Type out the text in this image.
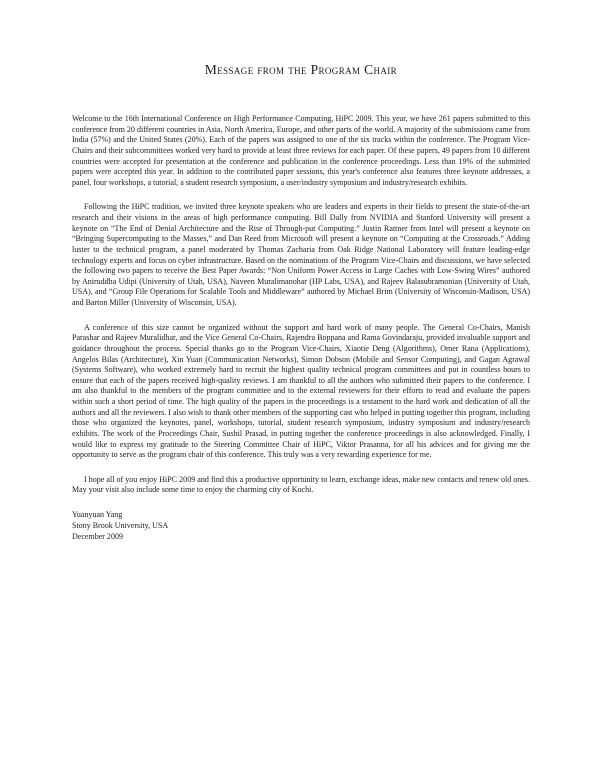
Message from the Program Chair

Welcome to the 16th International Conference on High Performance Computing, HiPC 2009. This year, we have 261 papers submitted to this conference from 20 different countries in Asia, North America, Europe, and other parts of the world. A majority of the submissions came from India (57%) and the United States (20%). Each of the papers was assigned to one of the six tracks within the conference. The Program Vice-Chairs and their subcommittees worked very hard to provide at least three reviews for each paper. Of these papers, 49 papers from 10 different countries were accepted for presentation at the conference and publication in the conference proceedings. Less than 19% of the submitted papers were accepted this year. In addition to the contributed paper sessions, this year's conference also features three keynote addresses, a panel, four workshops, a tutorial, a student research symposium, a user/industry symposium and industry/research exhibits.

Following the HiPC tradition, we invited three keynote speakers who are leaders and experts in their fields to present the state-of-the-art research and their visions in the areas of high performance computing. Bill Dally from NVIDIA and Stanford University will present a keynote on “The End of Denial Architecture and the Rise of Through-put Computing.” Justin Rattner from Intel will present a keynote on “Bringing Supercomputing to the Masses,” and Dan Reed from Microsoft will present a keynote on “Computing at the Crossroads.” Adding luster to the technical program, a panel moderated by Thomas Zacharia from Oak Ridge National Laboratory will feature leading-edge technology experts and focus on cyber infrastructure. Based on the nominations of the Program Vice-Chairs and discussions, we have selected the following two papers to receive the Best Paper Awards: “Non Uniform Power Access in Large Caches with Low-Swing Wires” authored by Aniruddha Udipi (University of Utah, USA), Naveen Muralimanohar (HP Labs, USA), and Rajeev Balasubramonian (University of Utah, USA), and “Group File Operations for Scalable Tools and Middleware” authored by Michael Brim (University of Wisconsin-Madison, USA) and Barton Miller (University of Wisconsin, USA).

A conference of this size cannot be organized without the support and hard work of many people. The General Co-Chairs, Manish Parashar and Rajeev Muralidhar, and the Vice General Co-Chairs, Rajendra Boppana and Rama Govindaraju, provided invaluable support and guidance throughout the process. Special thanks go to the Program Vice-Chairs, Xiaotie Deng (Algorithms), Omer Rana (Applications), Angelos Bilas (Architecture), Xin Yuan (Communication Networks), Simon Dobson (Mobile and Sensor Computing), and Gagan Agrawal (Systems Software), who worked extremely hard to recruit the highest quality technical program committees and put in countless hours to ensure that each of the papers received high-quality reviews. I am thankful to all the authors who submitted their papers to the conference. I am also thankful to the members of the program committee and to the external reviewers for their efforts to read and evaluate the papers within such a short period of time. The high quality of the papers in the proceedings is a testament to the hard work and dedication of all the authors and all the reviewers. I also wish to thank other members of the supporting cast who helped in putting together this program, including those who organized the keynotes, panel, workshops, tutorial, student research symposium, industry symposium and industry/research exhibits. The work of the Proceedings Chair, Sushil Prasad, in putting together the conference proceedings is also acknowledged. Finally, I would like to express my gratitude to the Steering Committee Chair of HiPC, Viktor Prasanna, for all his advices and for giving me the opportunity to serve as the program chair of this conference. This truly was a very rewarding experience for me.

I hope all of you enjoy HiPC 2009 and find this a productive opportunity to learn, exchange ideas, make new contacts and renew old ones. May your visit also include some time to enjoy the charming city of Kochi.

Yuanyuan Yang
Stony Brook University, USA
December 2009
